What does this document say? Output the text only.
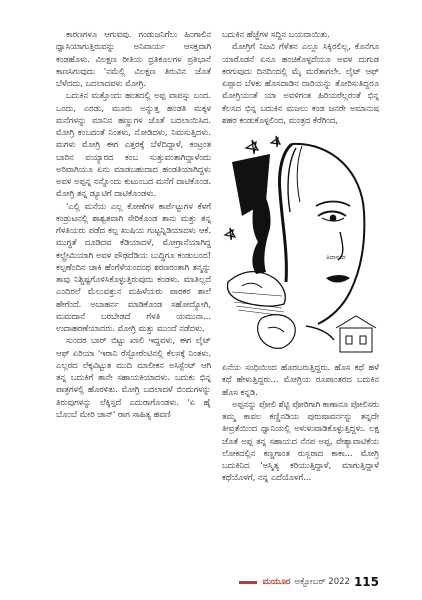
ಕಾರಣಗಳೂ ಆಗುವವು. ಗಂಡುಜನಿಗೆಲು ಹಿಂಗಾಲಿನ ಧ್ವಾಸಿಯಾಗುತ್ತಿರುವನ್ನು ಅನಿವಾರ್ಯ ಆಸಕ್ತವಾಗಿ ಕಂಡಹೊಳು. ವಿಲಕ್ಷಣ ರೀತಿಯ ಧ್ರತಿಕೂಲಗಳ ಪ್ರತಿಭಾನೆ ಕಾಣಸಿಗುವುದು 'ನಮೆಲ್ಲಿ ವಿಲಕ್ಷಣ ತಿರುವಿನ ಜೊತೆ ಬೆಳೆದದು, ಬದಲಾದವಳು ಮೋಗ್ರಿ.

ಒದುಕಿನ ಮತ್ತೊಂದು ಹಂತದಲ್ಲಿ ಅಪ್ಪ ವಾಪಸ್ಸು ಬಂದ. ಒಂದು, ಎರಡು, ಮೂರು ಅನ್ನುತ್ತ ಹಂಡತಿ ಮಕ್ಕಳ ಮನೆಗಳನ್ನು ಮಾನಿನ ಹಣ್ಣುಗಳ ಜೊತೆ ಬದಲಾಯಿಸಿದ. ಮೋಗ್ರಿ ಕಂಬದಂತೆ ನಿಂತಳು, ನೋಡಿದಳು, ನಿಮಸುತ್ತಿದಳು. ಮಗಳು ಮೋಗ್ರಿ ಈಗ ಎತ್ತರಕ್ಕೆ ಬೆಳೆದಿದ್ದಾಳೆ, ಕಂಟ್ರಂತ ಬಾರಿನ ವಯ್ಯಾರದ ಕಂಬ ಸುತ್ತುವಂತಾಗಿದ್ದಾಳೆಂದು ಅರಿವಾಗಿಯೂ ಏನು ಮಾಡಬಹುದಾದ ಹಂಡತಿಯಾಗಿದ್ದಳು ಅವಳ ಅಪ್ಪನ್ನ ನನ್ನೊಂದು ಕುಟುಂಬದ ಮನೆಗೆ ದಾಟಿಕೊಂಡ. ಮೋಗ್ರಿ ತನ್ನ ಡ್ಯೂಟಿಗೆ ದಾಟಿಕೊಂಡಳು.

'ಎಲ್ಲಿ ಮನೆಯ ಎಲ್ಲ ಕೋಣೆಗಳ ಕಾರ್ಪೆಟ್ಟುಗಳ ಕೆಳಗೆ ಕಂಡ್ರುಟನಲ್ಲಿ ಶಾಶ್ವತವಾಗಿ ಸೇರಿಕೊಂಡ ತಾನು ಮತ್ತು ತನ್ನ ಗೆಳತಿಯರು ಪಡೆದ ಕಲ್ಪ ಖುಷಿಯ ಗುಟ್ಟನ್ನಿಡಿಯಾದಳು ಆಕೆ. ಮುಗ್ಧತೆ ದೂಡಿದವ ಕೆಡಿಯಾದಳೆ, ಮೋಗ್ರಾನೆಯಾಗಿದ್ದ ಕಲ್ಪ್ರೇಮಿಯಾಗಿ ಅವಳ ಪೌಢದೆಡಿಯ ಬುದ್ಧಿಗೂ ಕಂಡುಬಂದ! ಕಲ್ಪಣೆಂದಿನ ಚಾಕಿ ಹೆಂಗೆಳೆಯಂದಂಥ ಶರಣರಂತಾಗಿ ತನ್ಮನ್ನು ತಾವು ನಿಶ್ಚಿಷ್ಟಗೊಳಿಸಿಕೊಳ್ಳುತ್ತಿರುವುದು ಕಂಡಳು. ಮಾತಿಲ್ಲದೆ ಎಂದಿರಲೆ ಮೆಲುವತ್ತುನ ಮಹಿಳೆಯರು ಪಾಠಕರ ಶಾಲೆ ಹೇಗೆಂದೆ. ಅಬಾಹರ್ನ ಮಾಡಿಕೊಂಡ ಸಹೋದ್ಯೋಗಿ, ಮಮದಾನೆ ಬರಬೇಡದೆ ಗೆಳತಿ ಯಮುನಾ... ಉದಾಹರಣೆಯಾದರು. ಮೋಗ್ರಿ ಮತ್ತು ಮುಂದೆ ನಡೆದಳು.

ಸುಂದರ ಬಾರ್ ಬಿಟ್ಟು ಖಾಲಿ ಇದ್ದವಳು, ಈಗ ಲೈಟ್ ಆಫ್ ಏರಿಯಾ 'ಇರಾನಿ ರೆಸ್ಟೋರೆಂಟಿನಲ್ಲಿ ಕೆಲಸಕ್ಕೆ ನಿಂತಳು. ಎಲ್ಲರದ ಲೆಕ್ಕವಿಟ್ಟುತ ಮುದಿ ಮಾಲೀಕನ ಅಸಿಸ್ಟೆಂಟ್ ಆಗಿ ತನ್ನ ಬದುಕಿಗೆ ತಾನೇ ಸಹಾಯಕಿಯಾದಳು. ಬದುಕು ಭಿನ್ನ ಪಾತ್ರಗಳಲ್ಲಿ ಹೊರಳಿತು. ಮೋಗ್ರಿ ಬದಲಾದಳೆ ಬಿಂದುಗಳನ್ನು ತಿರುವುಗಳನ್ನು ಲೆಕ್ಕಿಸ್ತದೆ ಎದುರಾಗೊಂಡಳು. 'ಏ ಹೈ ಬೊಂಬೆ ಮೇರಿ ಜಾನ್' ರಾಗ ಸಾಹಿತ್ಯ ಹವಣಿ

ಬದುಕಿನ ಹೆಜ್ಜೆಗಳ ಸದ್ದಿನ ಬಯವಾಯಿತು.

ಮೋಗ್ರಿಗೆ ನಿಜವಿ ಗೆಳೆತನ ಎಲ್ಲೂ ಸಿಕ್ಕಿರಲಿಲ್ಲ, ಕೊನೆಗೂ ಯಾರೊಡನೆ ಏನೂ ಹಂಚಿಕೊಳ್ಳದೆಯೂ ಅವಳ ದುಗುಡ ಕರಗುವುದು ದಿನದಿಂದಲ್ಲಿ ಮೈ ಮರೆತಾಗಲೇ. ಲೈಟ್ ಆಫ್ ಏಪ್ಪಾದ ಬೆಳಕು ಹೊಸದಾಡಿನ ದಾರಿಯನ್ನು ತೋರಿಸುತಿದ್ದರೂ ಮೋಗ್ರಿಯಂತೆ ಯಾ ಅವಳಿಗಂತ ಹಿರಿಯರೆಲ್ಲರಂತೆ ಭಿನ್ನ ಕೆಲಸದ ಭಿನ್ನ ಬದುಕಿನ ಮಜಲು ಕಂಡ ಜನರೇ ಅಮಾನುಷ ಶಹರ ಕಂಡುಕೊಳ್ಳಲಿಂದ, ಮಂತ್ರದ ಕೆರೆಗಿಂದ,

ಶಿವಾನಂದ

ಏನೆಯ ಸಂಧಿಯಿಂದ ಹೊರಬರುತ್ತಿದ್ದರು. ಹೊಸ ಕಥೆ ಹಳೆ ಕಥೆ ಹೇಳುತ್ತಿದ್ದರು... ಮೋಗ್ರಿಯ ರೂಪಾಂತರದ ಬದುಕಿನ ಹೊಸ ಕನ್ನಡಿ.

ಅಪ್ಪನನ್ನು ಪೋಲಿ ಶೆಟ್ಟಿ ಪೋರಿಗಾಗಿ ಕಾಣಾನೂ ಪೋಲಿಸರು ತಮ್ಮ ಕಾವಲ ಕಣ್ಣಿನಡಿಯ ಪುರುಷಾವರ್ನನ್ನು ತನ್ನದೇ ತೀವ್ರತೆಯಿಂದ ಧ್ವಾನಿಯಲ್ಲಿ ಅಳುಳುವಾಡಿಕೊಳ್ಳುತ್ತಿದ್ದಳು. ಲಕ್ಷ ಜೊತೆ ಅಪ್ಪ ತನ್ನ ಸಹಾಯದ ನೆನಪ ಅಪ್ಪ, ವೇಶ್ಯಾವಾಟಿಕೆಯ ಲೋಕದಲ್ಲಿನ ಕಣ್ಣಗಾಂತ ರುಸ್ಬರಾದ ಕಾಕಾ... ಮೋಗ್ರಿ ಬದುಕಿನಿದ 'ಅಸ್ಮಿತ್ಯ ಕರಿಯುತ್ತಿದ್ದಾಳೆ, ಮಾಗುತ್ತಿದ್ದಾಳೆ ಕಥೆಯೊಳಗೆ, ನನ್ನ ಎದೆಯೊಳಗೆ...

ಮಯೂರ ಅಕ್ಟೋಬರ್ 2022 115
